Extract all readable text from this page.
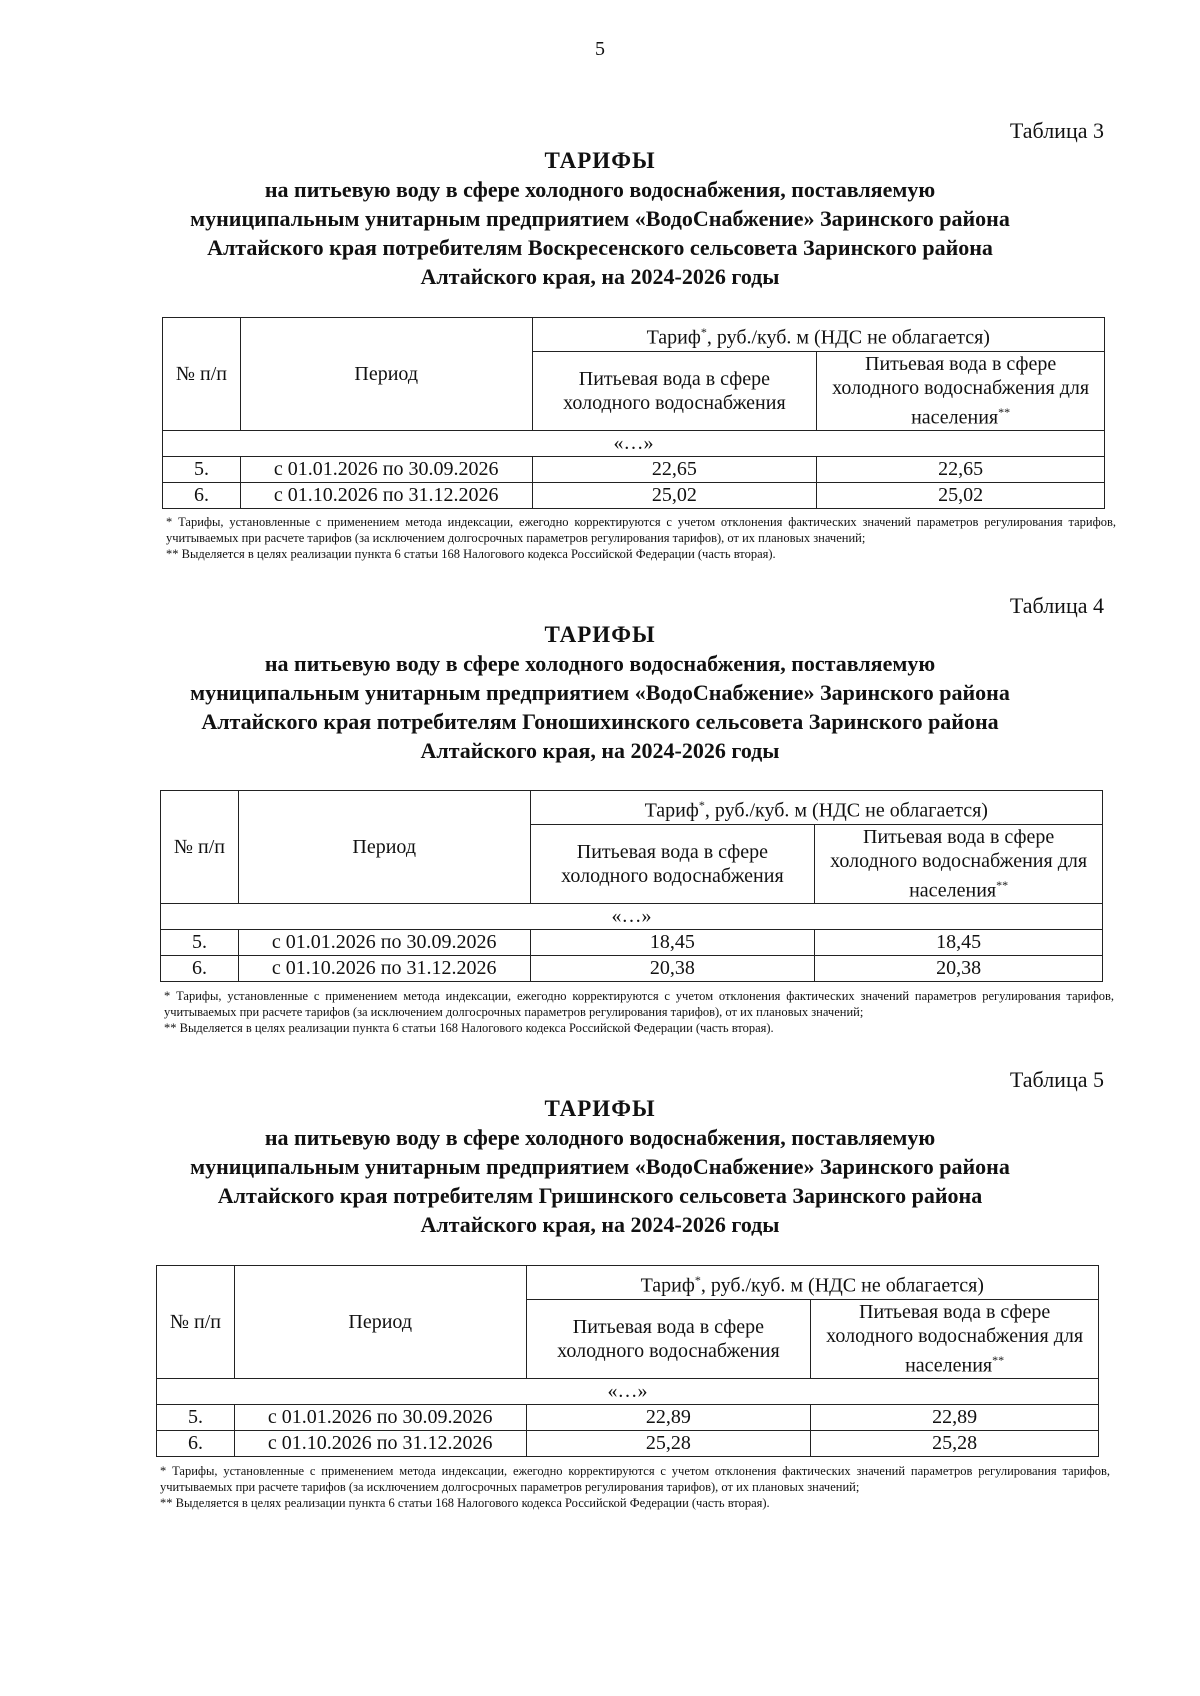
5
Таблица 3
ТАРИФЫ
на питьевую воду в сфере холодного водоснабжения, поставляемую
муниципальным унитарным предприятием «ВодоСнабжение» Заринского района
Алтайского края потребителям Воскресенского сельсовета Заринского района
Алтайского края, на 2024-2026 годы
№ п/п	Период	Тариф*, руб./куб. м (НДС не облагается)	
		Питьевая вода в сфере холодного водоснабжения	Питьевая вода в сфере холодного водоснабжения для населения**
«…»			
5.	с 01.01.2026 по 30.09.2026	22,65	22,65
6.	с 01.10.2026 по 31.12.2026	25,02	25,02

* Тарифы, установленные с применением метода индексации, ежегодно корректируются с учетом отклонения фактических значений параметров регулирования тарифов, учитываемых при расчете тарифов (за исключением долгосрочных параметров регулирования тарифов), от их плановых значений;

** Выделяется в целях реализации пункта 6 статьи 168 Налогового кодекса Российской Федерации (часть вторая).

Таблица 4
ТАРИФЫ
на питьевую воду в сфере холодного водоснабжения, поставляемую
муниципальным унитарным предприятием «ВодоСнабжение» Заринского района
Алтайского края потребителям Гоношихинского сельсовета Заринского района
Алтайского края, на 2024-2026 годы
№ п/п	Период	Тариф*, руб./куб. м (НДС не облагается)	
		Питьевая вода в сфере холодного водоснабжения	Питьевая вода в сфере холодного водоснабжения для населения**
«…»			
5.	с 01.01.2026 по 30.09.2026	18,45	18,45
6.	с 01.10.2026 по 31.12.2026	20,38	20,38

* Тарифы, установленные с применением метода индексации, ежегодно корректируются с учетом отклонения фактических значений параметров регулирования тарифов, учитываемых при расчете тарифов (за исключением долгосрочных параметров регулирования тарифов), от их плановых значений;

** Выделяется в целях реализации пункта 6 статьи 168 Налогового кодекса Российской Федерации (часть вторая).

Таблица 5
ТАРИФЫ
на питьевую воду в сфере холодного водоснабжения, поставляемую
муниципальным унитарным предприятием «ВодоСнабжение» Заринского района
Алтайского края потребителям Гришинского сельсовета Заринского района
Алтайского края, на 2024-2026 годы
№ п/п	Период	Тариф*, руб./куб. м (НДС не облагается)	
		Питьевая вода в сфере холодного водоснабжения	Питьевая вода в сфере холодного водоснабжения для населения**
«…»			
5.	с 01.01.2026 по 30.09.2026	22,89	22,89
6.	с 01.10.2026 по 31.12.2026	25,28	25,28

* Тарифы, установленные с применением метода индексации, ежегодно корректируются с учетом отклонения фактических значений параметров регулирования тарифов, учитываемых при расчете тарифов (за исключением долгосрочных параметров регулирования тарифов), от их плановых значений;

** Выделяется в целях реализации пункта 6 статьи 168 Налогового кодекса Российской Федерации (часть вторая).
